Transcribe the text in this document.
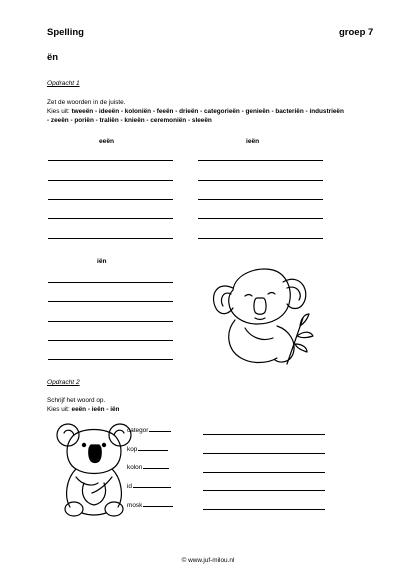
Spelling	groep 7
ën
Opdracht 1
Zet de woorden in de juiste.
Kies uit: tweeën - ideeën - koloniën - feeën - drieën - categorieën - genieën - bacteriën - industrieën
- zeeën - poriën - traliën - knieën - ceremoniën - sleeën
eeën	ieën
iën
Opdracht 2
Schrijf het woord op.
Kies uit: eeën - ieën - iën
categor
kop
kolon
id
mosk
© www.juf-milou.nl
